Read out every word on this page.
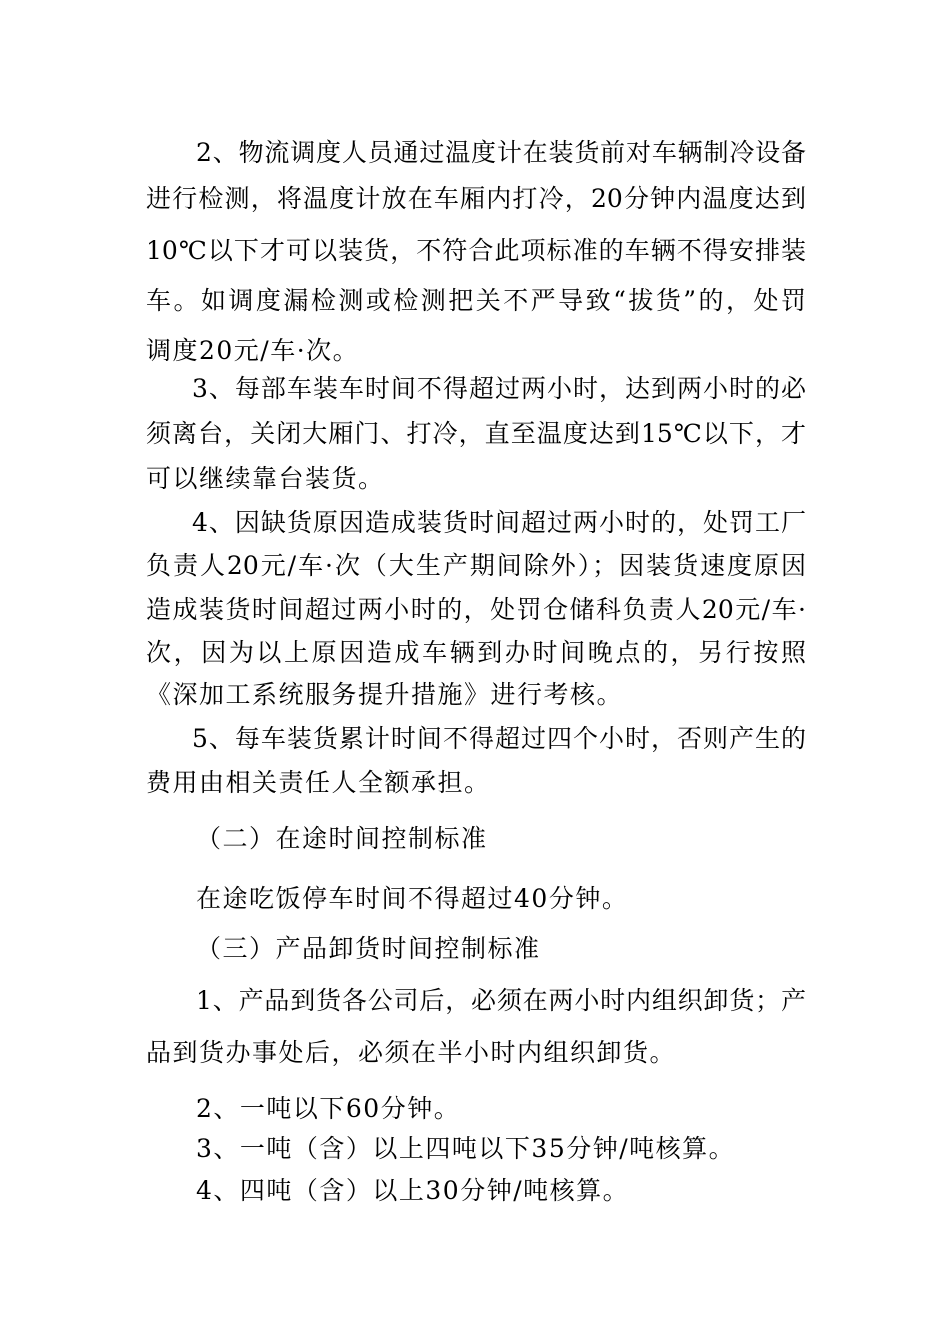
2、物流调度人员通过温度计在装货前对车辆制冷设备
进行检测，将温度计放在车厢内打冷，20分钟内温度达到
10℃以下才可以装货，不符合此项标准的车辆不得安排装
车。如调度漏检测或检测把关不严导致“拔货”的，处罚
调度20元/车·次。
3、每部车装车时间不得超过两小时，达到两小时的必
须离台，关闭大厢门、打冷，直至温度达到15℃以下，才
可以继续靠台装货。
4、因缺货原因造成装货时间超过两小时的，处罚工厂
负责人20元/车·次（大生产期间除外）；因装货速度原因
造成装货时间超过两小时的，处罚仓储科负责人20元/车·
次，因为以上原因造成车辆到办时间晚点的，另行按照
《深加工系统服务提升措施》进行考核。
5、每车装货累计时间不得超过四个小时，否则产生的
费用由相关责任人全额承担。
（二）在途时间控制标准
在途吃饭停车时间不得超过40分钟。
（三）产品卸货时间控制标准
1、产品到货各公司后，必须在两小时内组织卸货；产
品到货办事处后，必须在半小时内组织卸货。
2、一吨以下60分钟。
3、一吨（含）以上四吨以下35分钟/吨核算。
4、四吨（含）以上30分钟/吨核算。
